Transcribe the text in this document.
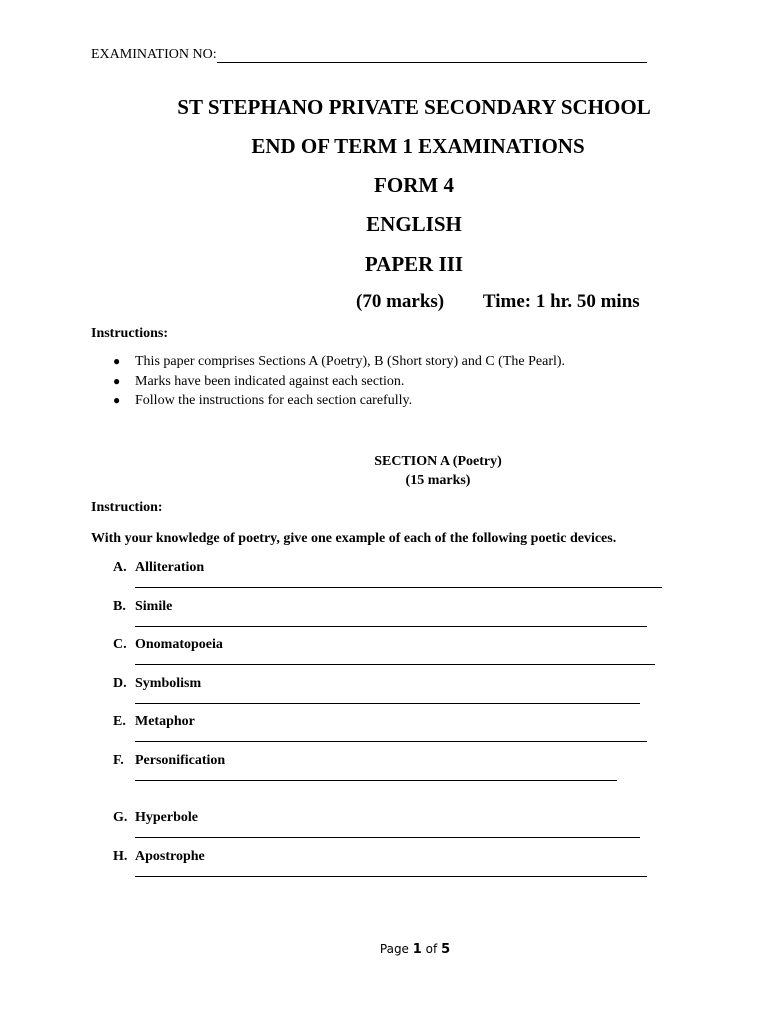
EXAMINATION NO:
ST STEPHANO PRIVATE SECONDARY SCHOOL
END OF TERM 1 EXAMINATIONS
FORM 4
ENGLISH
PAPER III
(70 marks) Time: 1 hr. 50 mins
Instructions:
● This paper comprises Sections A (Poetry), B (Short story) and C (The Pearl).
● Marks have been indicated against each section.
● Follow the instructions for each section carefully.
SECTION A (Poetry)
(15 marks)
Instruction:
With your knowledge of poetry, give one example of each of the following poetic devices.
A. Alliteration
B. Simile
C. Onomatopoeia
D. Symbolism
E. Metaphor
F. Personification
G. Hyperbole
H. Apostrophe
Page 1 of 5
